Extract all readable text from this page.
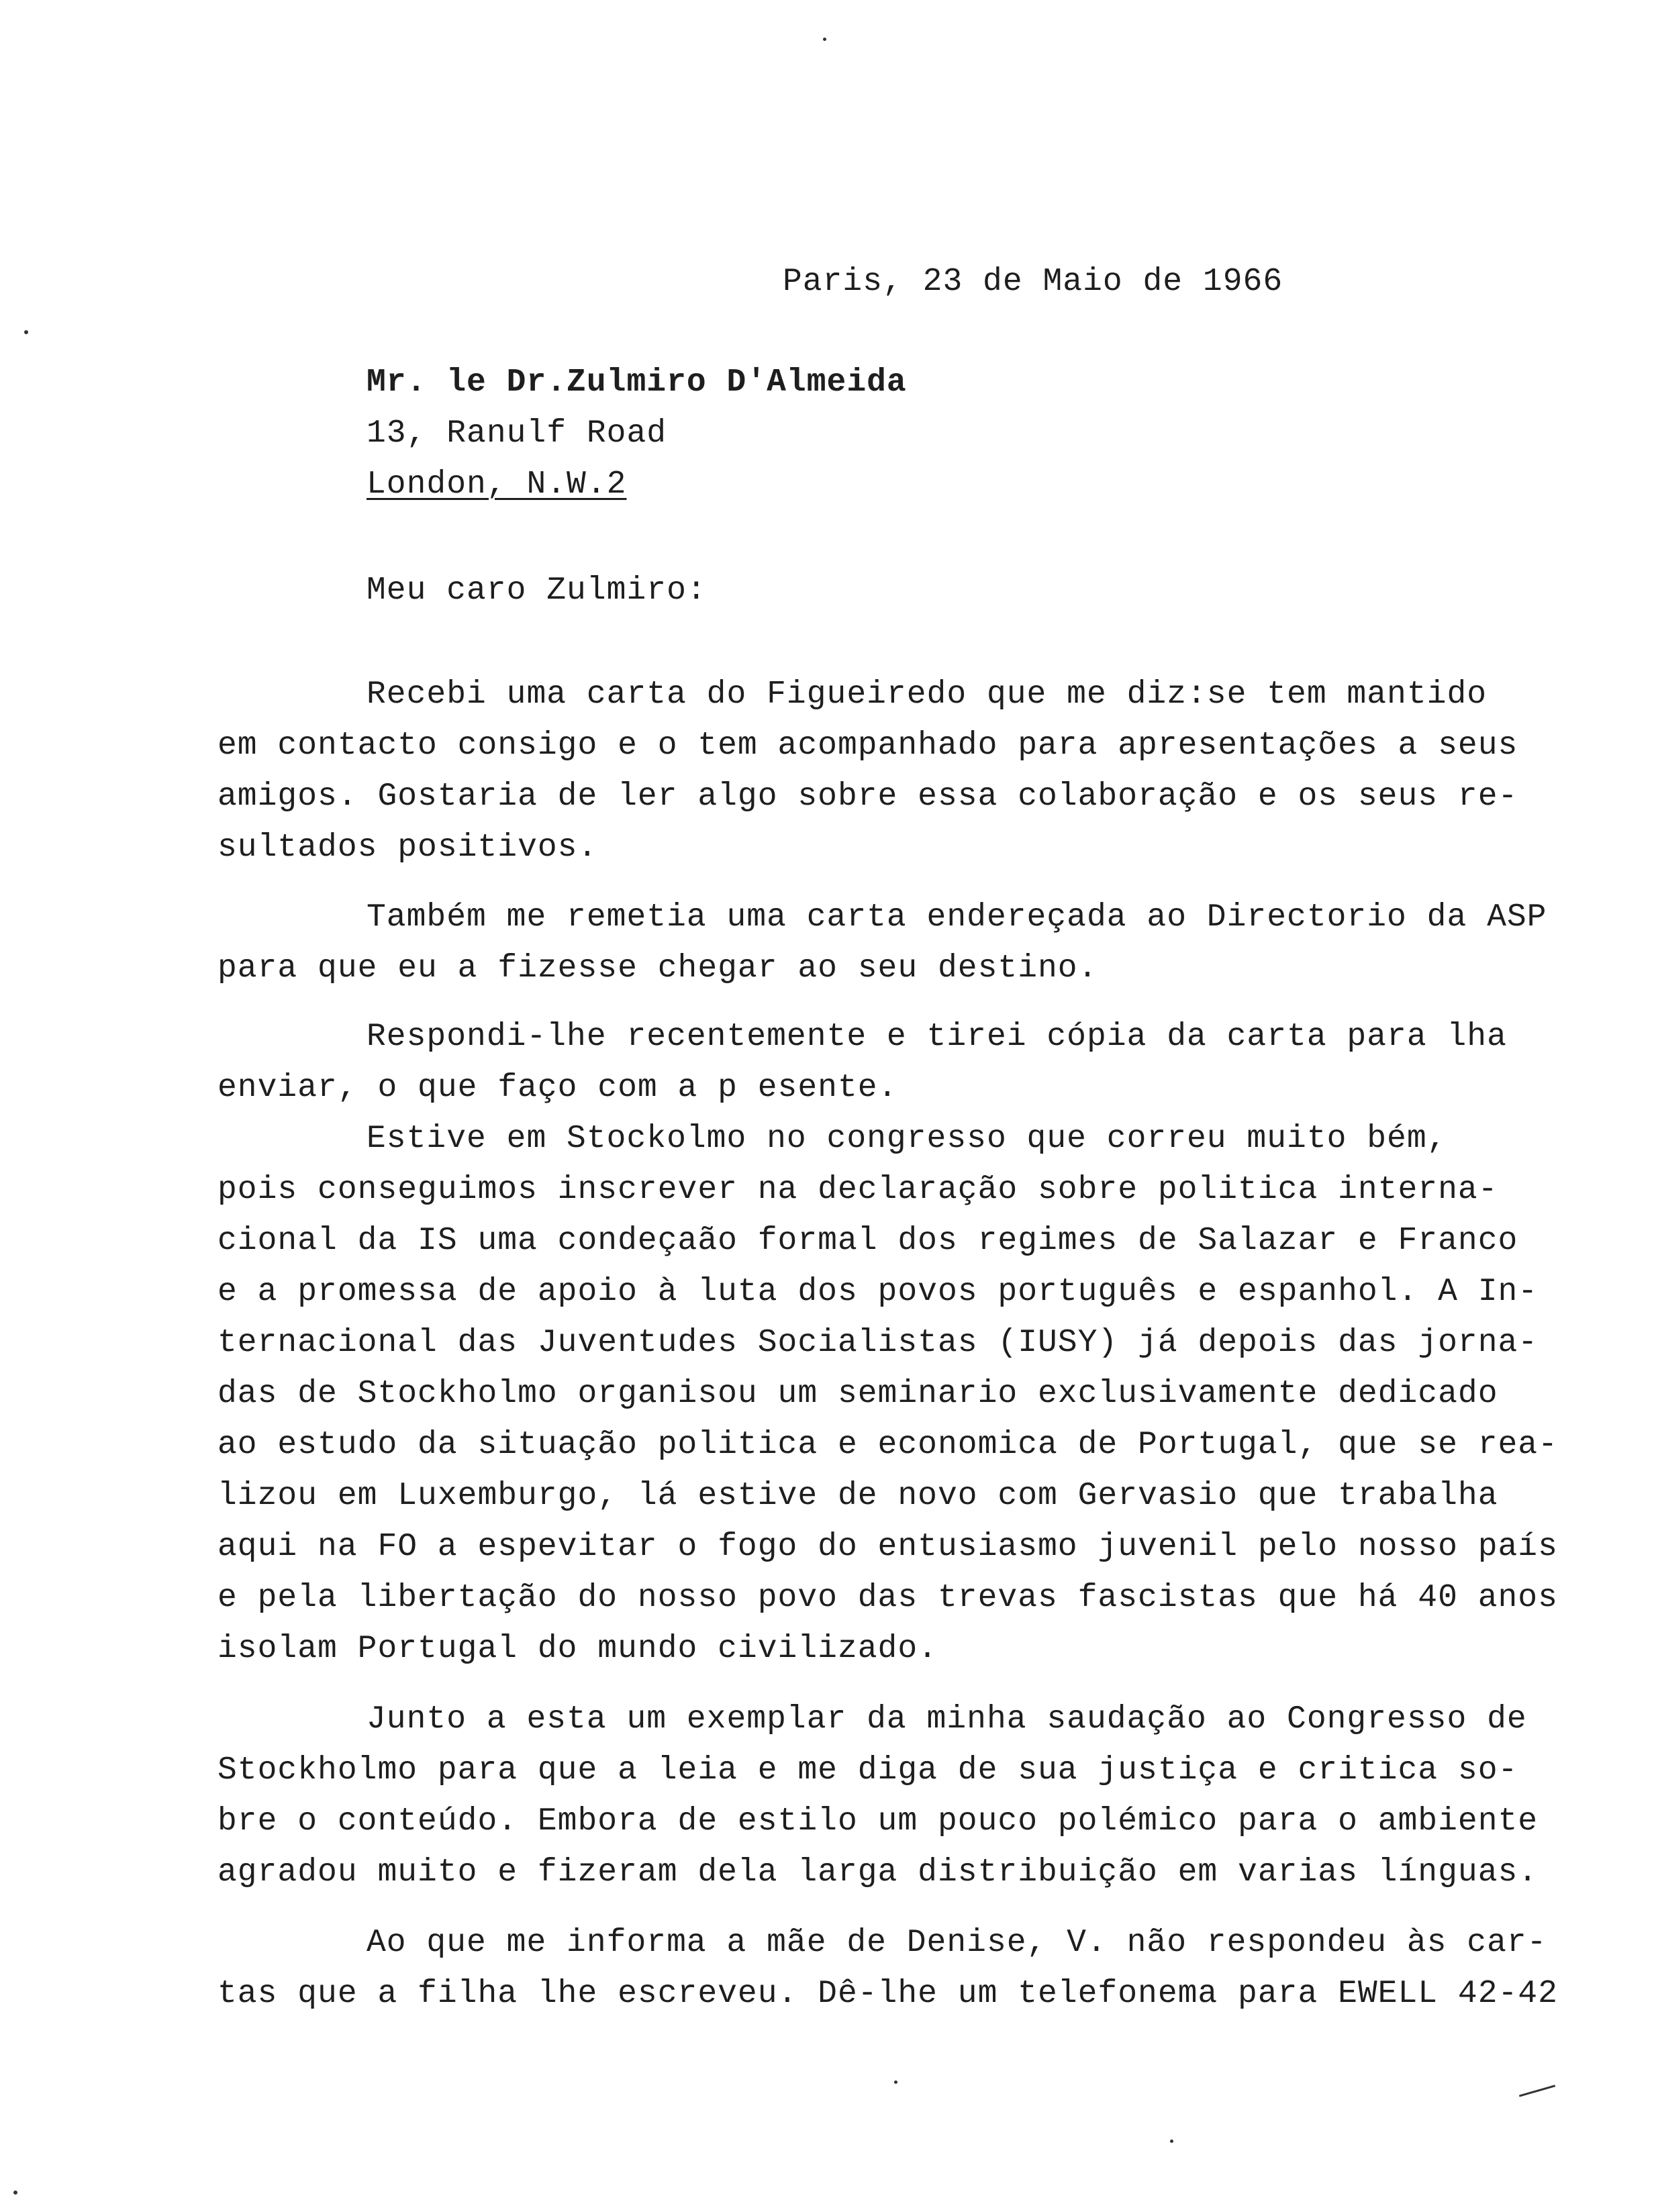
Paris, 23 de Maio de 1966
Mr. le Dr.Zulmiro D'Almeida
13, Ranulf Road
London, N.W.2
Meu caro Zulmiro:
Recebi uma carta do Figueiredo que me diz:se tem mantido
em contacto consigo e o tem acompanhado para apresentações a seus
amigos. Gostaria de ler algo sobre essa colaboração e os seus re-
sultados positivos.
Também me remetia uma carta endereçada ao Directorio da ASP
para que eu a fizesse chegar ao seu destino.
Respondi-lhe recentemente e tirei cópia da carta para lha
enviar, o que faço com a p esente.
Estive em Stockolmo no congresso que correu muito bém,
pois conseguimos inscrever na declaração sobre politica interna-
cional da IS uma condeçaão formal dos regimes de Salazar e Franco
e a promessa de apoio à luta dos povos português e espanhol. A In-
ternacional das Juventudes Socialistas (IUSY) já depois das jorna-
das de Stockholmo organisou um seminario exclusivamente dedicado
ao estudo da situação politica e economica de Portugal, que se rea-
lizou em Luxemburgo, lá estive de novo com Gervasio que trabalha
aqui na FO a espevitar o fogo do entusiasmo juvenil pelo nosso país
e pela libertação do nosso povo das trevas fascistas que há 40 anos
isolam Portugal do mundo civilizado.
Junto a esta um exemplar da minha saudação ao Congresso de
Stockholmo para que a leia e me diga de sua justiça e critica so-
bre o conteúdo. Embora de estilo um pouco polémico para o ambiente
agradou muito e fizeram dela larga distribuição em varias línguas.
Ao que me informa a mãe de Denise, V. não respondeu às car-
tas que a filha lhe escreveu. Dê-lhe um telefonema para EWELL 42-42
